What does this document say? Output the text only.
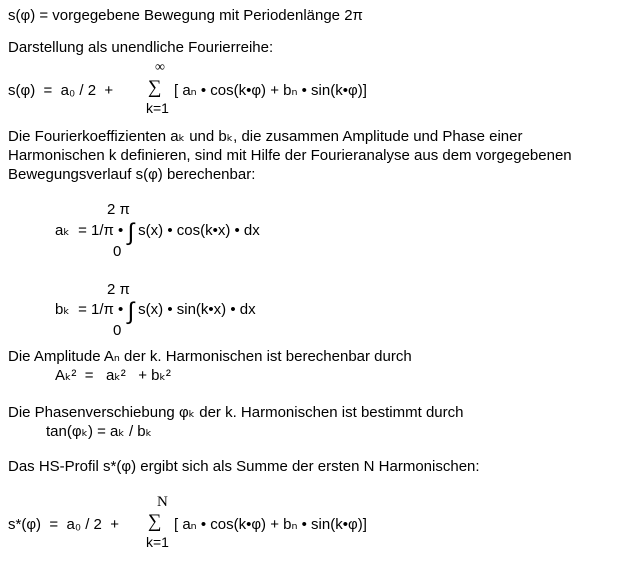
s(φ) = vorgegebene Bewegung mit Periodenlänge 2π
Darstellung als unendliche Fourierreihe:
∞
s(φ)  =  a₀ / 2  + ∑ [ aₙ • cos(k•φ) + bₙ • sin(k•φ)]
k=1
Die Fourierkoeffizienten aₖ und bₖ, die zusammen Amplitude und Phase einer
Harmonischen k definieren, sind mit Hilfe der Fourieranalyse aus dem vorgegebenen
Bewegungsverlauf s(φ) berechenbar:
2 π
aₖ  = 1/π • ∫ s(x) • cos(k•x) • dx
0
2 π
bₖ  = 1/π • ∫ s(x) • sin(k•x) • dx
0
Die Amplitude Aₙ der k. Harmonischen ist berechenbar durch
Aₖ²  =   aₖ²   + bₖ²
Die Phasenverschiebung φₖ der k. Harmonischen ist bestimmt durch
tan(φₖ) = aₖ / bₖ
Das HS-Profil s*(φ) ergibt sich als Summe der ersten N Harmonischen:
N
s*(φ)  =  a₀ / 2  + ∑ [ aₙ • cos(k•φ) + bₙ • sin(k•φ)]
k=1
